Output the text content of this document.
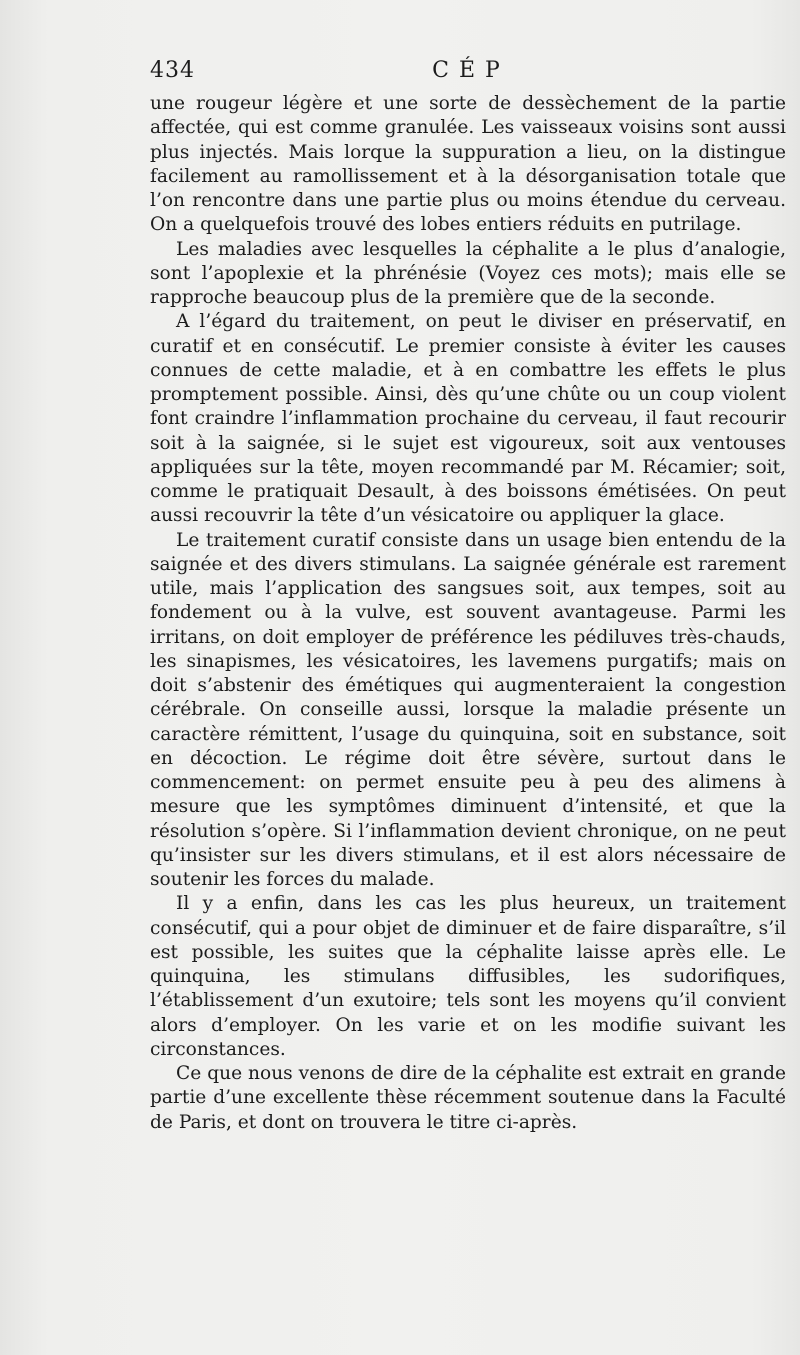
434	CÉP

une rougeur légère et une sorte de dessèchement de la partie affectée, qui est comme granulée. Les vaisseaux voisins sont aussi plus injectés. Mais lorque la suppuration a lieu, on la distingue facilement au ramollissement et à la désorganisation totale que l’on rencontre dans une partie plus ou moins étendue du cerveau. On a quelquefois trouvé des lobes entiers réduits en putrilage.

Les maladies avec lesquelles la céphalite a le plus d’analogie, sont l’apoplexie et la phrénésie (Voyez ces mots); mais elle se rapproche beaucoup plus de la première que de la seconde.

A l’égard du traitement, on peut le diviser en préservatif, en curatif et en consécutif. Le premier consiste à éviter les causes connues de cette maladie, et à en combattre les effets le plus promptement possible. Ainsi, dès qu’une chûte ou un coup violent font craindre l’inflammation prochaine du cerveau, il faut recourir soit à la saignée, si le sujet est vigoureux, soit aux ventouses appliquées sur la tête, moyen recommandé par M. Récamier; soit, comme le pratiquait Desault, à des boissons émétisées. On peut aussi recouvrir la tête d’un vésicatoire ou appliquer la glace.

Le traitement curatif consiste dans un usage bien entendu de la saignée et des divers stimulans. La saignée générale est rarement utile, mais l’application des sangsues soit, aux tempes, soit au fondement ou à la vulve, est souvent avantageuse. Parmi les irritans, on doit employer de préférence les pédiluves très-chauds, les sinapismes, les vésicatoires, les lavemens purgatifs; mais on doit s’abstenir des émétiques qui augmenteraient la congestion cérébrale. On conseille aussi, lorsque la maladie présente un caractère rémittent, l’usage du quinquina, soit en substance, soit en décoction. Le régime doit être sévère, surtout dans le commencement: on permet ensuite peu à peu des alimens à mesure que les symptômes diminuent d’intensité, et que la résolution s’opère. Si l’inflammation devient chronique, on ne peut qu’insister sur les divers stimulans, et il est alors nécessaire de soutenir les forces du malade.

Il y a enfin, dans les cas les plus heureux, un traitement consécutif, qui a pour objet de diminuer et de faire disparaître, s’il est possible, les suites que la céphalite laisse après elle. Le quinquina, les stimulans diffusibles, les sudorifiques, l’établissement d’un exutoire; tels sont les moyens qu’il convient alors d’employer. On les varie et on les modifie suivant les circonstances.

Ce que nous venons de dire de la céphalite est extrait en grande partie d’une excellente thèse récemment soutenue dans la Faculté de Paris, et dont on trouvera le titre ci-après.
